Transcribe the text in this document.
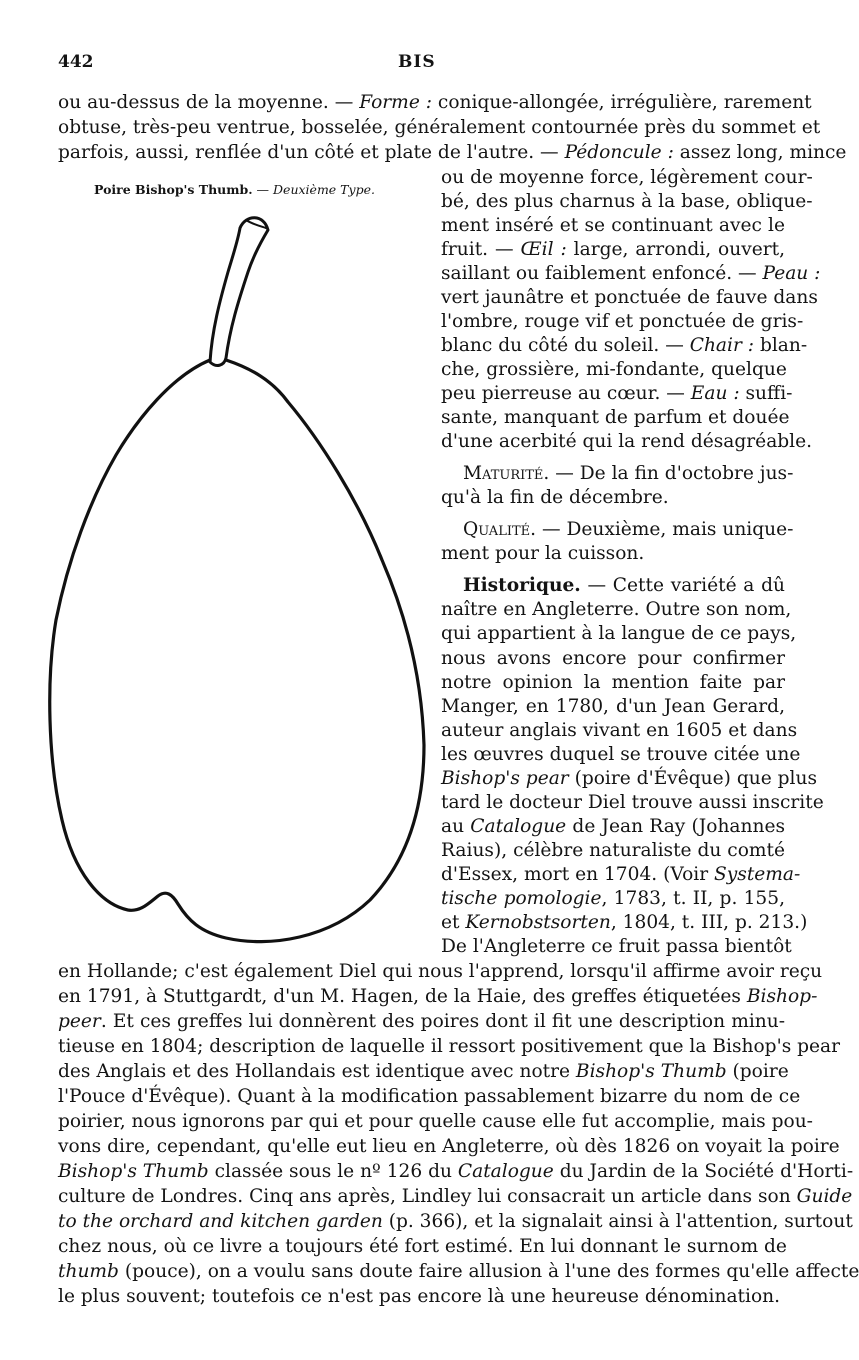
442	BIS
ou au-dessus de la moyenne. — Forme : conique-allongée, irrégulière, rarement
obtuse, très-peu ventrue, bosselée, généralement contournée près du sommet et
parfois, aussi, renflée d'un côté et plate de l'autre. — Pédoncule : assez long, mince
Poire Bishop's Thumb. — Deuxième Type.
ou de moyenne force, légèrement cour-
bé, des plus charnus à la base, oblique-
ment inséré et se continuant avec le
fruit. — Œil : large, arrondi, ouvert,
saillant ou faiblement enfoncé. — Peau :
vert jaunâtre et ponctuée de fauve dans
l'ombre, rouge vif et ponctuée de gris-
blanc du côté du soleil. — Chair : blan-
che, grossière, mi-fondante, quelque
peu pierreuse au cœur. — Eau : suffi-
sante, manquant de parfum et douée
d'une acerbité qui la rend désagréable.
Maturité. — De la fin d'octobre jus-
qu'à la fin de décembre.
Qualité. — Deuxième, mais unique-
ment pour la cuisson.
Historique. — Cette variété a dû
naître en Angleterre. Outre son nom,
qui appartient à la langue de ce pays,
nous avons encore pour confirmer
notre opinion la mention faite par
Manger, en 1780, d'un Jean Gerard,
auteur anglais vivant en 1605 et dans
les œuvres duquel se trouve citée une
Bishop's pear (poire d'Évêque) que plus
tard le docteur Diel trouve aussi inscrite
au Catalogue de Jean Ray (Johannes
Raius), célèbre naturaliste du comté
d'Essex, mort en 1704. (Voir Systema-
tische pomologie, 1783, t. II, p. 155,
et Kernobstsorten, 1804, t. III, p. 213.)
De l'Angleterre ce fruit passa bientôt
en Hollande; c'est également Diel qui nous l'apprend, lorsqu'il affirme avoir reçu
en 1791, à Stuttgardt, d'un M. Hagen, de la Haie, des greffes étiquetées Bishop-
peer. Et ces greffes lui donnèrent des poires dont il fit une description minu-
tieuse en 1804; description de laquelle il ressort positivement que la Bishop's pear
des Anglais et des Hollandais est identique avec notre Bishop's Thumb (poire
l'Pouce d'Évêque). Quant à la modification passablement bizarre du nom de ce
poirier, nous ignorons par qui et pour quelle cause elle fut accomplie, mais pou-
vons dire, cependant, qu'elle eut lieu en Angleterre, où dès 1826 on voyait la poire
Bishop's Thumb classée sous le nº 126 du Catalogue du Jardin de la Société d'Horti-
culture de Londres. Cinq ans après, Lindley lui consacrait un article dans son Guide
to the orchard and kitchen garden (p. 366), et la signalait ainsi à l'attention, surtout
chez nous, où ce livre a toujours été fort estimé. En lui donnant le surnom de
thumb (pouce), on a voulu sans doute faire allusion à l'une des formes qu'elle affecte
le plus souvent; toutefois ce n'est pas encore là une heureuse dénomination.
